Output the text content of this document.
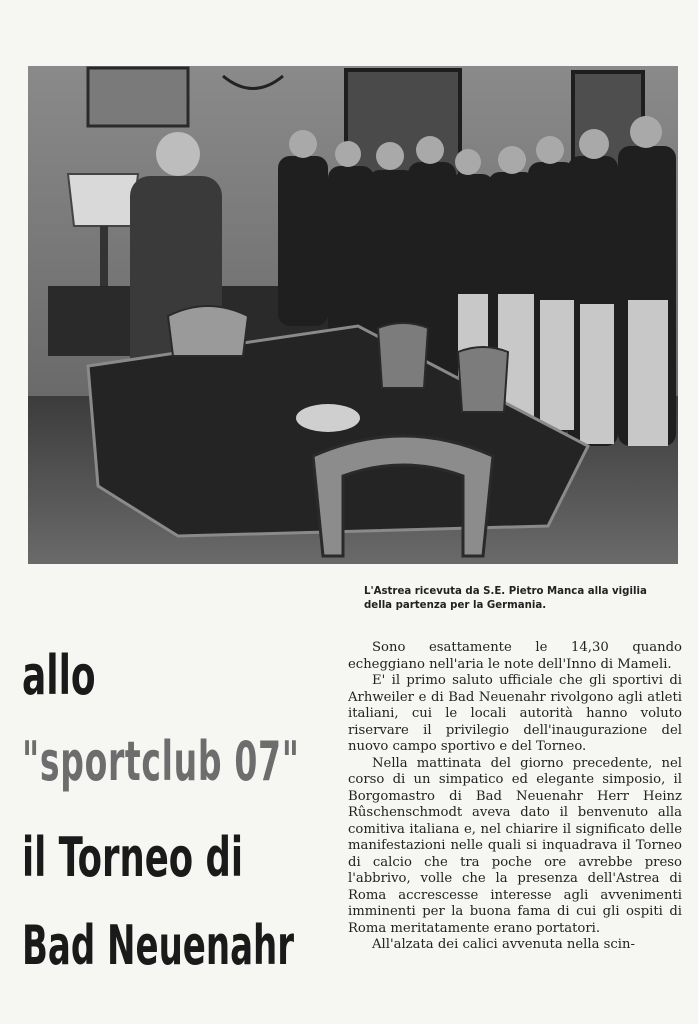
L'Astrea ricevuta da S.E. Pietro Manca alla vigilia
della partenza per la Germania.
allo
"sportclub 07"
il Torneo di
Bad Neuenahr

Sono esattamente le 14,30 quando echeggiano nell'aria le note dell'Inno di Mameli.

E' il primo saluto ufficiale che gli sportivi di Arhweiler e di Bad Neuenahr rivolgono agli atleti italiani, cui le locali autorità hanno voluto riservare il privilegio dell'inaugurazione del nuovo campo sportivo e del Torneo.

Nella mattinata del giorno precedente, nel corso di un simpatico ed elegante simposio, il Borgomastro di Bad Neuenahr Herr Heinz Rûschenschmodt aveva dato il benvenuto alla comitiva italiana e, nel chiarire il significato delle manifestazioni nelle quali si inquadrava il Torneo di calcio che tra poche ore avrebbe preso l'abbrivo, volle che la presenza dell'Astrea di Roma accrescesse interesse agli avvenimenti imminenti per la buona fama di cui gli ospiti di Roma meritatamente erano portatori.

All'alzata dei calici avvenuta nella scin-
